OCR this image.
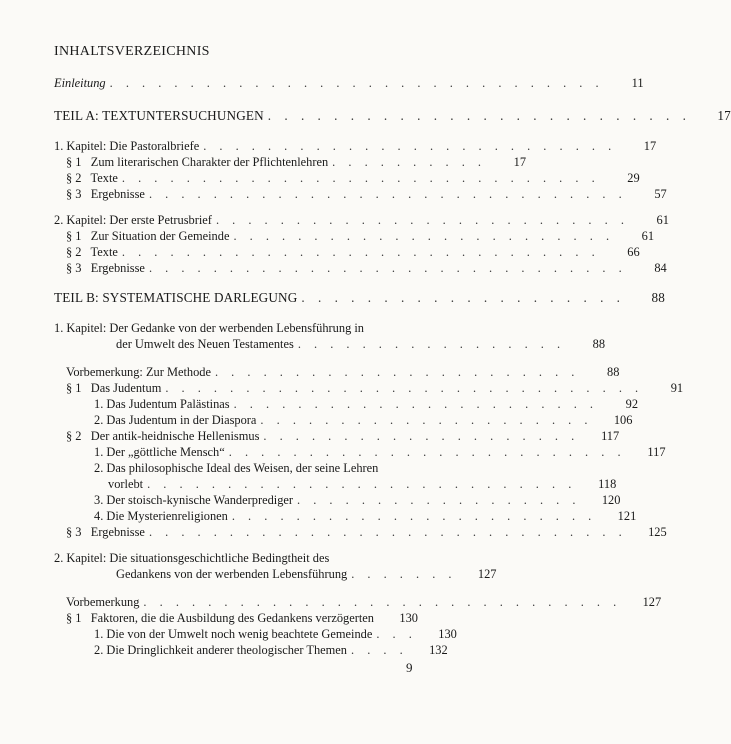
INHALTSVERZEICHNIS
Einleitung . . . . . . . . . . . . . . . . . . . . . . . . . . . . . . .	11
TEIL A: TEXTUNTERSUCHUNGEN . . . . . . . . . . . . . . . . . . . . . . . . . .	17
1. Kapitel: Die Pastoralbriefe . . . . . . . . . . . . . . . . . . . . . . . . . .	17
§ 1   Zum literarischen Charakter der Pflichtenlehren . . . . . . . . . .	17
§ 2   Texte . . . . . . . . . . . . . . . . . . . . . . . . . . . . . .	29
§ 3   Ergebnisse . . . . . . . . . . . . . . . . . . . . . . . . . . . . . .	57
2. Kapitel: Der erste Petrusbrief . . . . . . . . . . . . . . . . . . . . . . . . . .	61
§ 1   Zur Situation der Gemeinde . . . . . . . . . . . . . . . . . . . . . . . .	61
§ 2   Texte . . . . . . . . . . . . . . . . . . . . . . . . . . . . . .	66
§ 3   Ergebnisse . . . . . . . . . . . . . . . . . . . . . . . . . . . . . .	84
TEIL B: SYSTEMATISCHE DARLEGUNG . . . . . . . . . . . . . . . . . . . .	88
1. Kapitel: Der Gedanke von der werbenden Lebensführung in
der Umwelt des Neuen Testamentes . . . . . . . . . . . . . . . . .	88
Vorbemerkung: Zur Methode . . . . . . . . . . . . . . . . . . . . . . .	88
§ 1   Das Judentum . . . . . . . . . . . . . . . . . . . . . . . . . . . . . .	91
1. Das Judentum Palästinas . . . . . . . . . . . . . . . . . . . . . . .	92
2. Das Judentum in der Diaspora . . . . . . . . . . . . . . . . . . . . .	106
§ 2   Der antik-heidnische Hellenismus . . . . . . . . . . . . . . . . . . . .	117
1. Der „göttliche Mensch“ . . . . . . . . . . . . . . . . . . . . . . . . .	117
2. Das philosophische Ideal des Weisen, der seine Lehren
vorlebt . . . . . . . . . . . . . . . . . . . . . . . . . . .	118
3. Der stoisch-kynische Wanderprediger . . . . . . . . . . . . . . . . . .	120
4. Die Mysterienreligionen . . . . . . . . . . . . . . . . . . . . . . .	121
§ 3   Ergebnisse . . . . . . . . . . . . . . . . . . . . . . . . . . . . . .	125
2. Kapitel: Die situationsgeschichtliche Bedingtheit des
Gedankens von der werbenden Lebensführung . . . . . . .	127
Vorbemerkung . . . . . . . . . . . . . . . . . . . . . . . . . . . . . .	127
§ 1   Faktoren, die die Ausbildung des Gedankens verzögerten	130
1. Die von der Umwelt noch wenig beachtete Gemeinde . . .	130
2. Die Dringlichkeit anderer theologischer Themen . . . .	132
9
